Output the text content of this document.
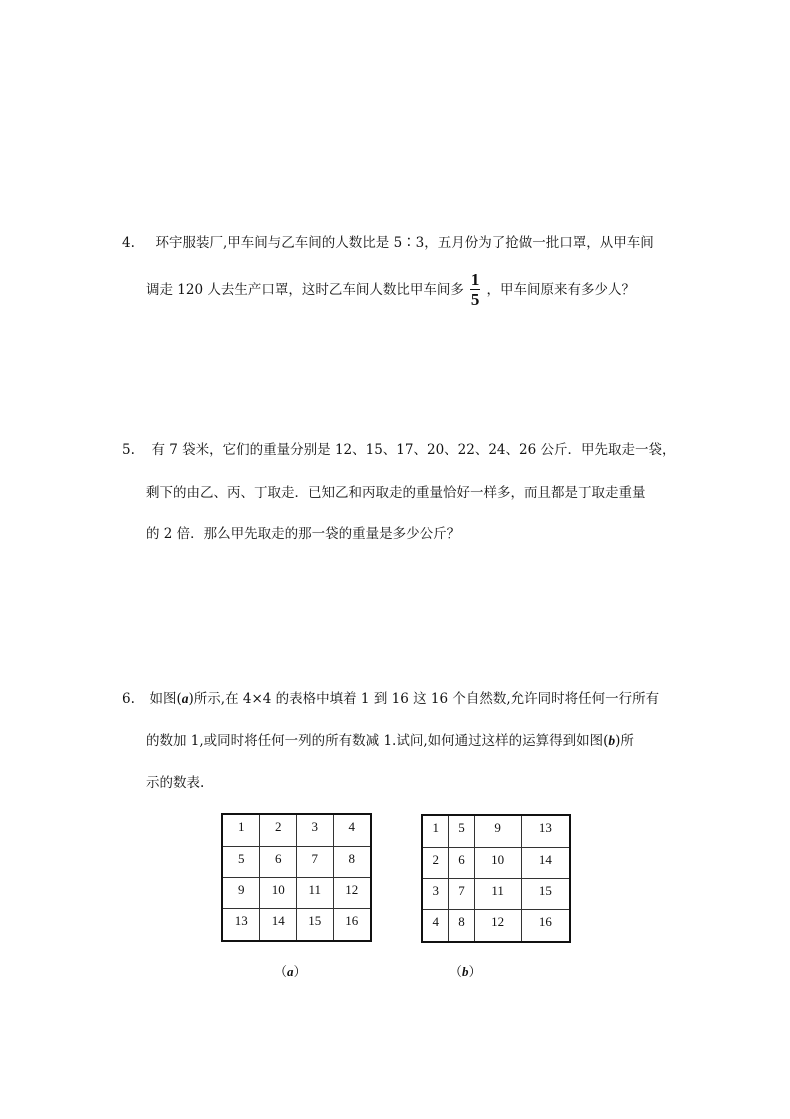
4. 环宇服装厂,甲车间与乙车间的人数比是 5∶3，五月份为了抢做一批口罩，从甲车间
调走 120 人去生产口罩，这时乙车间人数比甲车间多 $\frac{1}{5}$ ，甲车间原来有多少人？
5. 有 7 袋米，它们的重量分别是 12、15、17、20、22、24、26 公斤．甲先取走一袋，
剩下的由乙、丙、丁取走．已知乙和丙取走的重量恰好一样多，而且都是丁取走重量
的 2 倍．那么甲先取走的那一袋的重量是多少公斤？
6. 如图(a)所示,在 4×4 的表格中填着 1 到 16 这 16 个自然数,允许同时将任何一行所有
的数加 1,或同时将任何一列的所有数减 1.试问,如何通过这样的运算得到如图(b)所
示的数表.
1	2	3	4
5	6	7	8
9	10	11	12
13	14	15	16
（a）
1	5	9	13
2	6	10	14
3	7	11	15
4	8	12	16
（b）
